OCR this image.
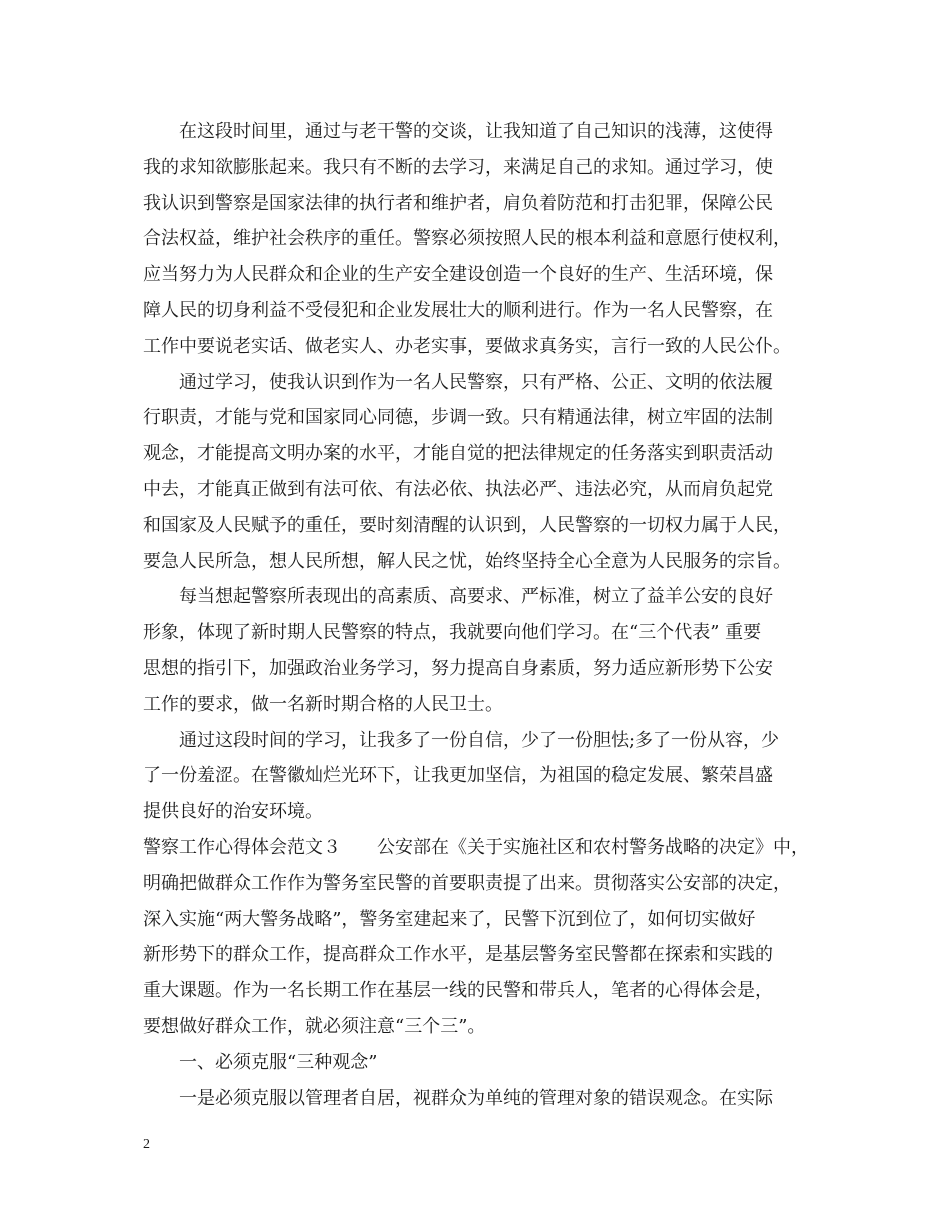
在这段时间里，通过与老干警的交谈，让我知道了自己知识的浅薄，这使得
我的求知欲膨胀起来。我只有不断的去学习，来满足自己的求知。通过学习，使
我认识到警察是国家法律的执行者和维护者，肩负着防范和打击犯罪，保障公民
合法权益，维护社会秩序的重任。警察必须按照人民的根本利益和意愿行使权利，
应当努力为人民群众和企业的生产安全建设创造一个良好的生产、生活环境，保
障人民的切身利益不受侵犯和企业发展壮大的顺利进行。作为一名人民警察，在
工作中要说老实话、做老实人、办老实事，要做求真务实，言行一致的人民公仆。
通过学习，使我认识到作为一名人民警察，只有严格、公正、文明的依法履
行职责，才能与党和国家同心同德，步调一致。只有精通法律，树立牢固的法制
观念，才能提高文明办案的水平，才能自觉的把法律规定的任务落实到职责活动
中去，才能真正做到有法可依、有法必依、执法必严、违法必究，从而肩负起党
和国家及人民赋予的重任，要时刻清醒的认识到，人民警察的一切权力属于人民，
要急人民所急，想人民所想，解人民之忧，始终坚持全心全意为人民服务的宗旨。
每当想起警察所表现出的高素质、高要求、严标准，树立了益羊公安的良好
形象，体现了新时期人民警察的特点，我就要向他们学习。在“三个代表” 重要
思想的指引下，加强政治业务学习，努力提高自身素质，努力适应新形势下公安
工作的要求，做一名新时期合格的人民卫士。
通过这段时间的学习，让我多了一份自信，少了一份胆怯;多了一份从容，少
了一份羞涩。在警徽灿烂光环下，让我更加坚信，为祖国的稳定发展、繁荣昌盛
提供良好的治安环境。
警察工作心得体会范文３　　公安部在《关于实施社区和农村警务战略的决定》中，
明确把做群众工作作为警务室民警的首要职责提了出来。贯彻落实公安部的决定，
深入实施“两大警务战略”，警务室建起来了，民警下沉到位了，如何切实做好
新形势下的群众工作，提高群众工作水平，是基层警务室民警都在探索和实践的
重大课题。作为一名长期工作在基层一线的民警和带兵人，笔者的心得体会是，
要想做好群众工作，就必须注意“三个三”。
一、必须克服“三种观念”
一是必须克服以管理者自居，视群众为单纯的管理对象的错误观念。在实际
2
